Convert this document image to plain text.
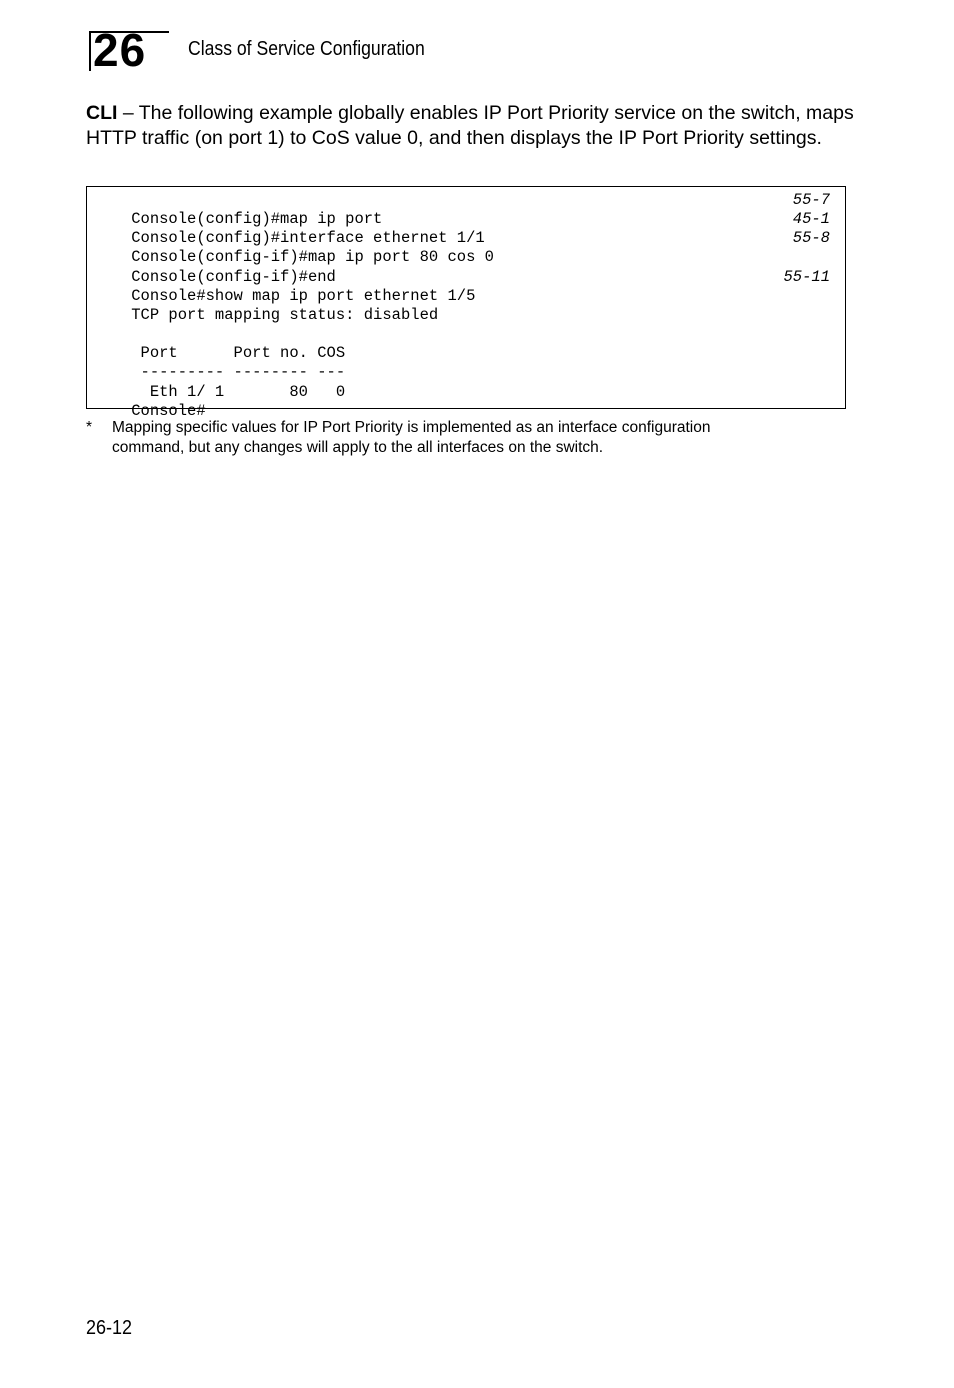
26 Class of Service Configuration
CLI – The following example globally enables IP Port Priority service on the switch, maps HTTP traffic (on port 1) to CoS value 0, and then displays the IP Port Priority settings.

Console(config)#map ip port
55-7

Console(config)#interface ethernet 1/1
45-1

Console(config-if)#map ip port 80 cos 0
55-8

Console(config-if)#end

Console#show map ip port ethernet 1/5
55-11

TCP port mapping status: disabled

Port      Port no. COS

--------- -------- ---

Eth 1/ 1       80   0

Console#

* Mapping specific values for IP Port Priority is implemented as an interface configuration command, but any changes will apply to the all interfaces on the switch.
26-12
